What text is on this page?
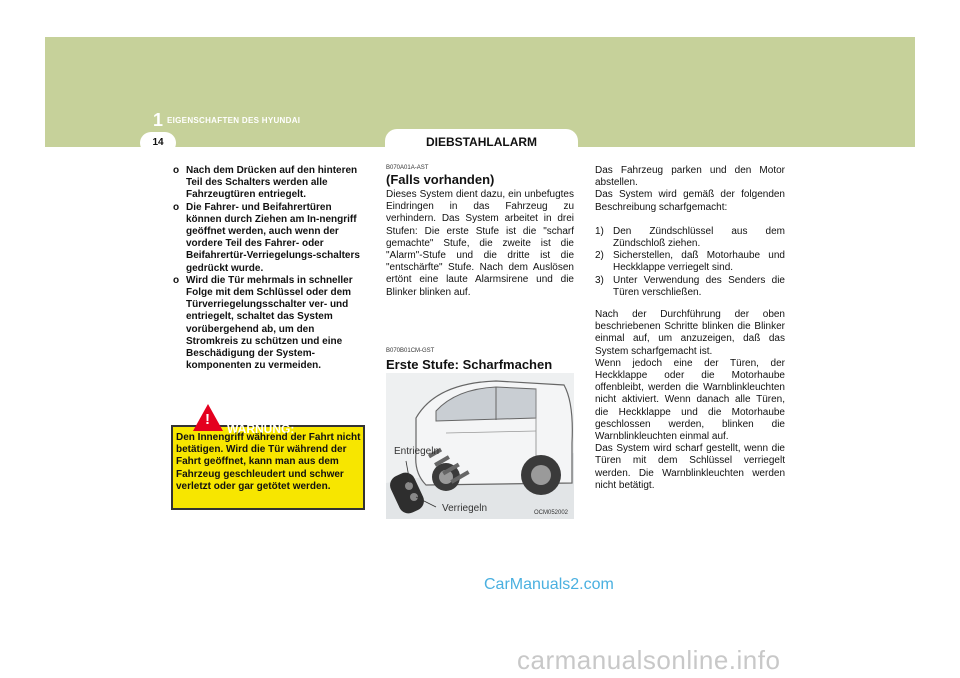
1 EIGENSCHAFTEN DES HYUNDAI
14	DIEBSTAHLALARM
o Nach dem Drücken auf den hinteren Teil des Schalters werden alle Fahrzeugtüren entriegelt.
o Die Fahrer- und Beifahrertüren können durch Ziehen am In-nengriff geöffnet werden, auch wenn der vordere Teil des Fahrer- oder Beifahrertür-Verriegelungs-schalters gedrückt wurde.
o Wird die Tür mehrmals in schneller Folge mit dem Schlüssel oder dem Türverriegelungsschalter ver- und entriegelt, schaltet das System vorübergehend ab, um den Stromkreis zu schützen und eine Beschädigung der System-komponenten zu vermeiden.
!
WARNUNG:
Den Innengriff während der Fahrt nicht betätigen. Wird die Tür während der Fahrt geöffnet, kann man aus dem Fahrzeug geschleudert und schwer verletzt oder gar getötet werden.
B070A01A-AST
(Falls vorhanden)
Dieses System dient dazu, ein unbefugtes Eindringen in das Fahrzeug zu verhindern. Das System arbeitet in drei Stufen: Die erste Stufe ist die "scharf gemachte" Stufe, die zweite ist die "Alarm"-Stufe und die dritte ist die "entschärfte" Stufe. Nach dem Auslösen ertönt eine laute Alarmsirene und die Blinker blinken auf.
B070B01CM-GST
Erste Stufe: Scharfmachen
Entriegeln
Verriegeln	OCM052002

Das Fahrzeug parken und den Motor abstellen.

Das System wird gemäß der folgenden Beschreibung scharfgemacht:

1) Den Zündschlüssel aus dem Zündschloß ziehen.
2) Sicherstellen, daß Motorhaube und Heckklappe verriegelt sind.
3) Unter Verwendung des Senders die Türen verschließen.

Nach der Durchführung der oben beschriebenen Schritte blinken die Blinker einmal auf, um anzuzeigen, daß das System scharfgemacht ist.

Wenn jedoch eine der Türen, der Heckklappe oder die Motorhaube offenbleibt, werden die Warnblinkleuchten nicht aktiviert. Wenn danach alle Türen, die Heckklappe und die Motorhaube geschlossen werden, blinken die Warnblinkleuchten einmal auf.

Das System wird scharf gestellt, wenn die Türen mit dem Schlüssel verriegelt werden. Die Warnblinkleuchten werden nicht betätigt.

CarManuals2.com
carmanualsonline.info
